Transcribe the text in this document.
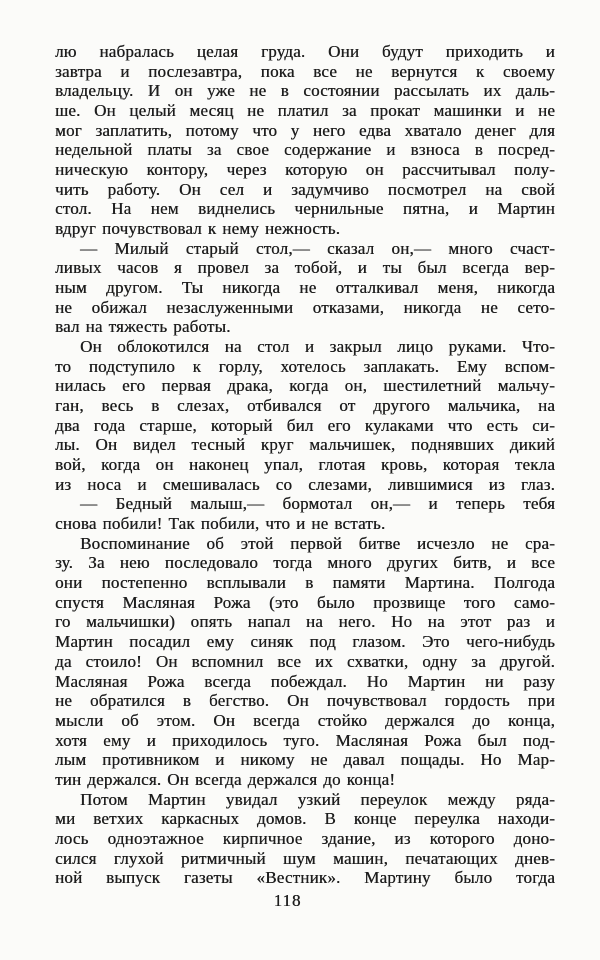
лю набралась целая груда. Они будут приходить и
завтра и послезавтра, пока все не вернутся к своему
владельцу. И он уже не в состоянии рассылать их даль-
ше. Он целый месяц не платил за прокат машинки и не
мог заплатить, потому что у него едва хватало денег для
недельной платы за свое содержание и взноса в посред-
ническую контору, через которую он рассчитывал полу-
чить работу. Он сел и задумчиво посмотрел на свой
стол. На нем виднелись чернильные пятна, и Мартин
вдруг почувствовал к нему нежность.
— Милый старый стол,— сказал он,— много счаст-
ливых часов я провел за тобой, и ты был всегда вер-
ным другом. Ты никогда не отталкивал меня, никогда
не обижал незаслуженными отказами, никогда не сето-
вал на тяжесть работы.
Он облокотился на стол и закрыл лицо руками. Что-
то подступило к горлу, хотелось заплакать. Ему вспом-
нилась его первая драка, когда он, шестилетний мальчу-
ган, весь в слезах, отбивался от другого мальчика, на
два года старше, который бил его кулаками что есть си-
лы. Он видел тесный круг мальчишек, поднявших дикий
вой, когда он наконец упал, глотая кровь, которая текла
из носа и смешивалась со слезами, лившимися из глаз.
— Бедный малыш,— бормотал он,— и теперь тебя
снова побили! Так побили, что и не встать.
Воспоминание об этой первой битве исчезло не сра-
зу. За нею последовало тогда много других битв, и все
они постепенно всплывали в памяти Мартина. Полгода
спустя Масляная Рожа (это было прозвище того само-
го мальчишки) опять напал на него. Но на этот раз и
Мартин посадил ему синяк под глазом. Это чего-нибудь
да стоило! Он вспомнил все их схватки, одну за другой.
Масляная Рожа всегда побеждал. Но Мартин ни разу
не обратился в бегство. Он почувствовал гордость при
мысли об этом. Он всегда стойко держался до конца,
хотя ему и приходилось туго. Масляная Рожа был под-
лым противником и никому не давал пощады. Но Мар-
тин держался. Он всегда держался до конца!
Потом Мартин увидал узкий переулок между ряда-
ми ветхих каркасных домов. В конце переулка находи-
лось одноэтажное кирпичное здание, из которого доно-
сился глухой ритмичный шум машин, печатающих днев-
ной выпуск газеты «Вестник». Мартину было тогда
118
